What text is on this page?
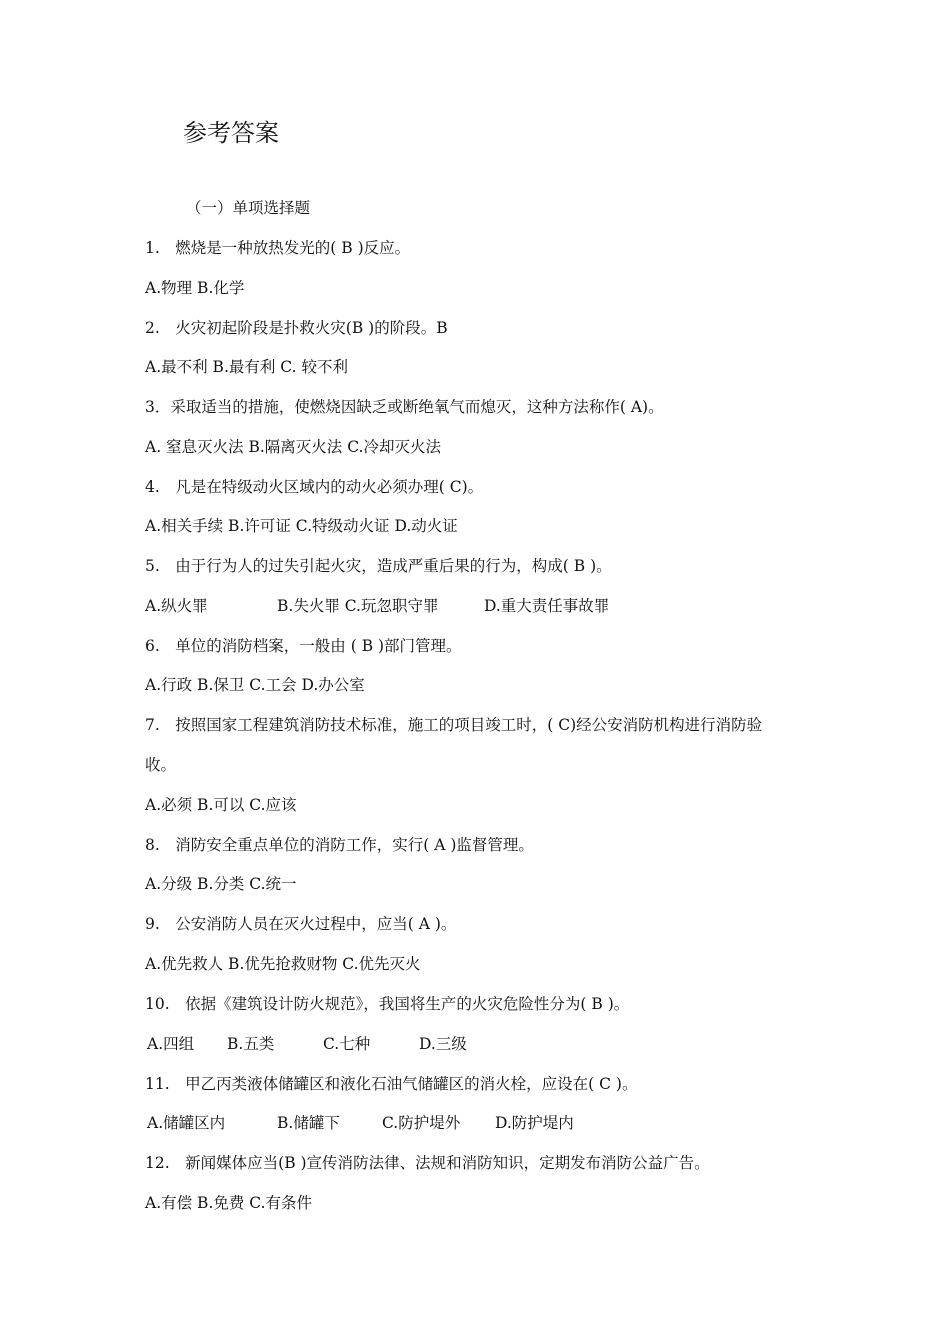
参考答案
（一）单项选择题
1.　燃烧是一种放热发光的( B )反应。
A.物理 B.化学
2.　火灾初起阶段是扑救火灾(B )的阶段。B
A.最不利 B.最有利 C. 较不利
3．采取适当的措施，使燃烧因缺乏或断绝氧气而熄灭，这种方法称作( A)。
A. 窒息灭火法 B.隔离灭火法 C.冷却灭火法
4.　凡是在特级动火区域内的动火必须办理( C)。
A.相关手续 B.许可证 C.特级动火证 D.动火证
5.　由于行为人的过失引起火灾，造成严重后果的行为，构成( B )。
A.纵火罪	B.失火罪 C.玩忽职守罪	D.重大责任事故罪
6.　单位的消防档案，一般由 ( B )部门管理。
A.行政 B.保卫 C.工会 D.办公室
7.　按照国家工程建筑消防技术标准，施工的项目竣工时，( C)经公安消防机构进行消防验
收。
A.必须 B.可以 C.应该
8.　消防安全重点单位的消防工作，实行( A )监督管理。
A.分级 B.分类 C.统一
9.　公安消防人员在灭火过程中，应当( A )。
A.优先救人 B.优先抢救财物 C.优先灭火
10.　依据《建筑设计防火规范》，我国将生产的火灾危险性分为( B )。
A.四组	B.五类	C.七种	D.三级
11.　甲乙丙类液体储罐区和液化石油气储罐区的消火栓，应设在( C )。
A.储罐区内	B.储罐下	C.防护堤外	D.防护堤内
12.　新闻媒体应当(B )宣传消防法律、法规和消防知识，定期发布消防公益广告。
A.有偿 B.免费 C.有条件
